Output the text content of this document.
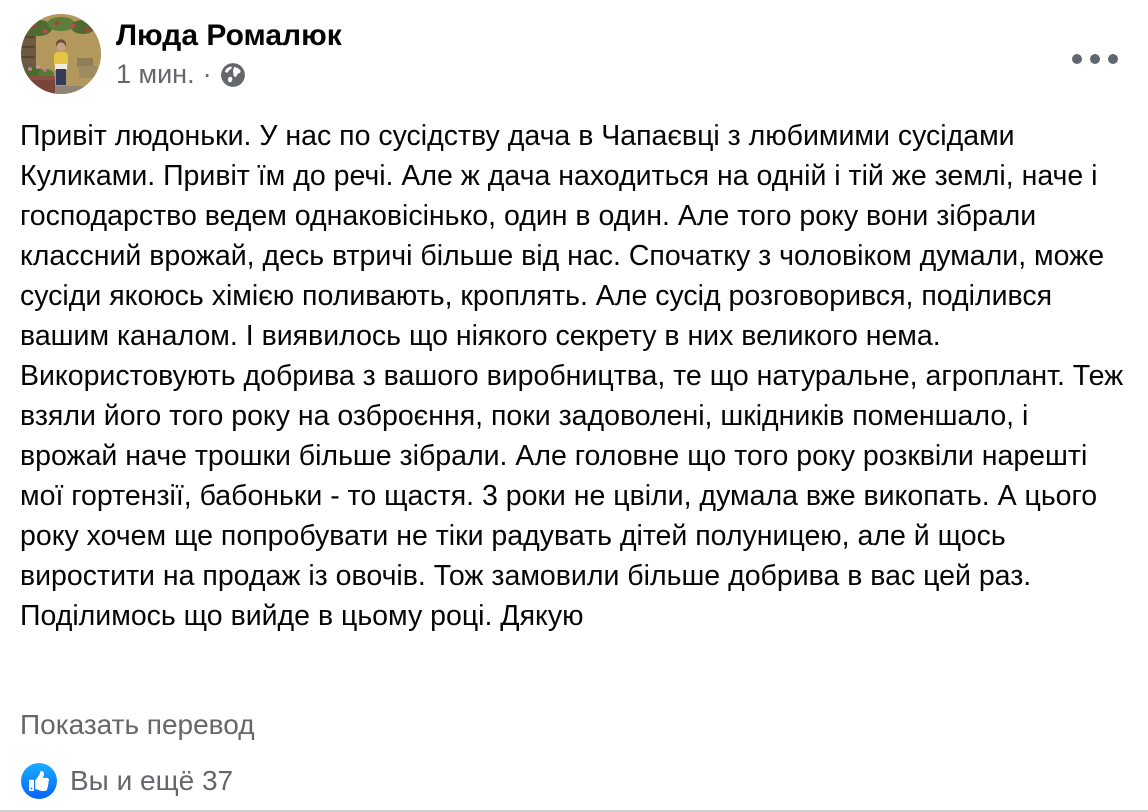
Люда Ромалюк
1 мин. ·
Привіт людоньки. У нас по сусідству дача в Чапаєвці з любимими сусідами Куликами. Привіт їм до речі. Але ж дача находиться на одній і тій же землі, наче і господарство ведем однаковісінько, один в один. Але того року вони зібрали классний врожай, десь втричі більше від нас. Спочатку з чоловіком думали, може сусіди якоюсь хімією поливають, кроплять. Але сусід розговорився, поділився вашим каналом. І виявилось що ніякого секрету в них великого нема. Використовують добрива з вашого виробництва, те що натуральне, агроплант. Теж взяли його того року на озброєння, поки задоволені, шкідників поменшало, і врожай наче трошки більше зібрали. Але головне що того року розквіли нарешті мої гортензії, бабоньки - то щастя. 3 роки не цвіли, думала вже викопать. А цього року хочем ще попробувати не тіки радувать дітей полуницею, але й щось виростити на продаж із овочів. Тож замовили більше добрива в вас цей раз. Поділимось що вийде в цьому році. Дякую
Показать перевод
Вы и ещё 37
